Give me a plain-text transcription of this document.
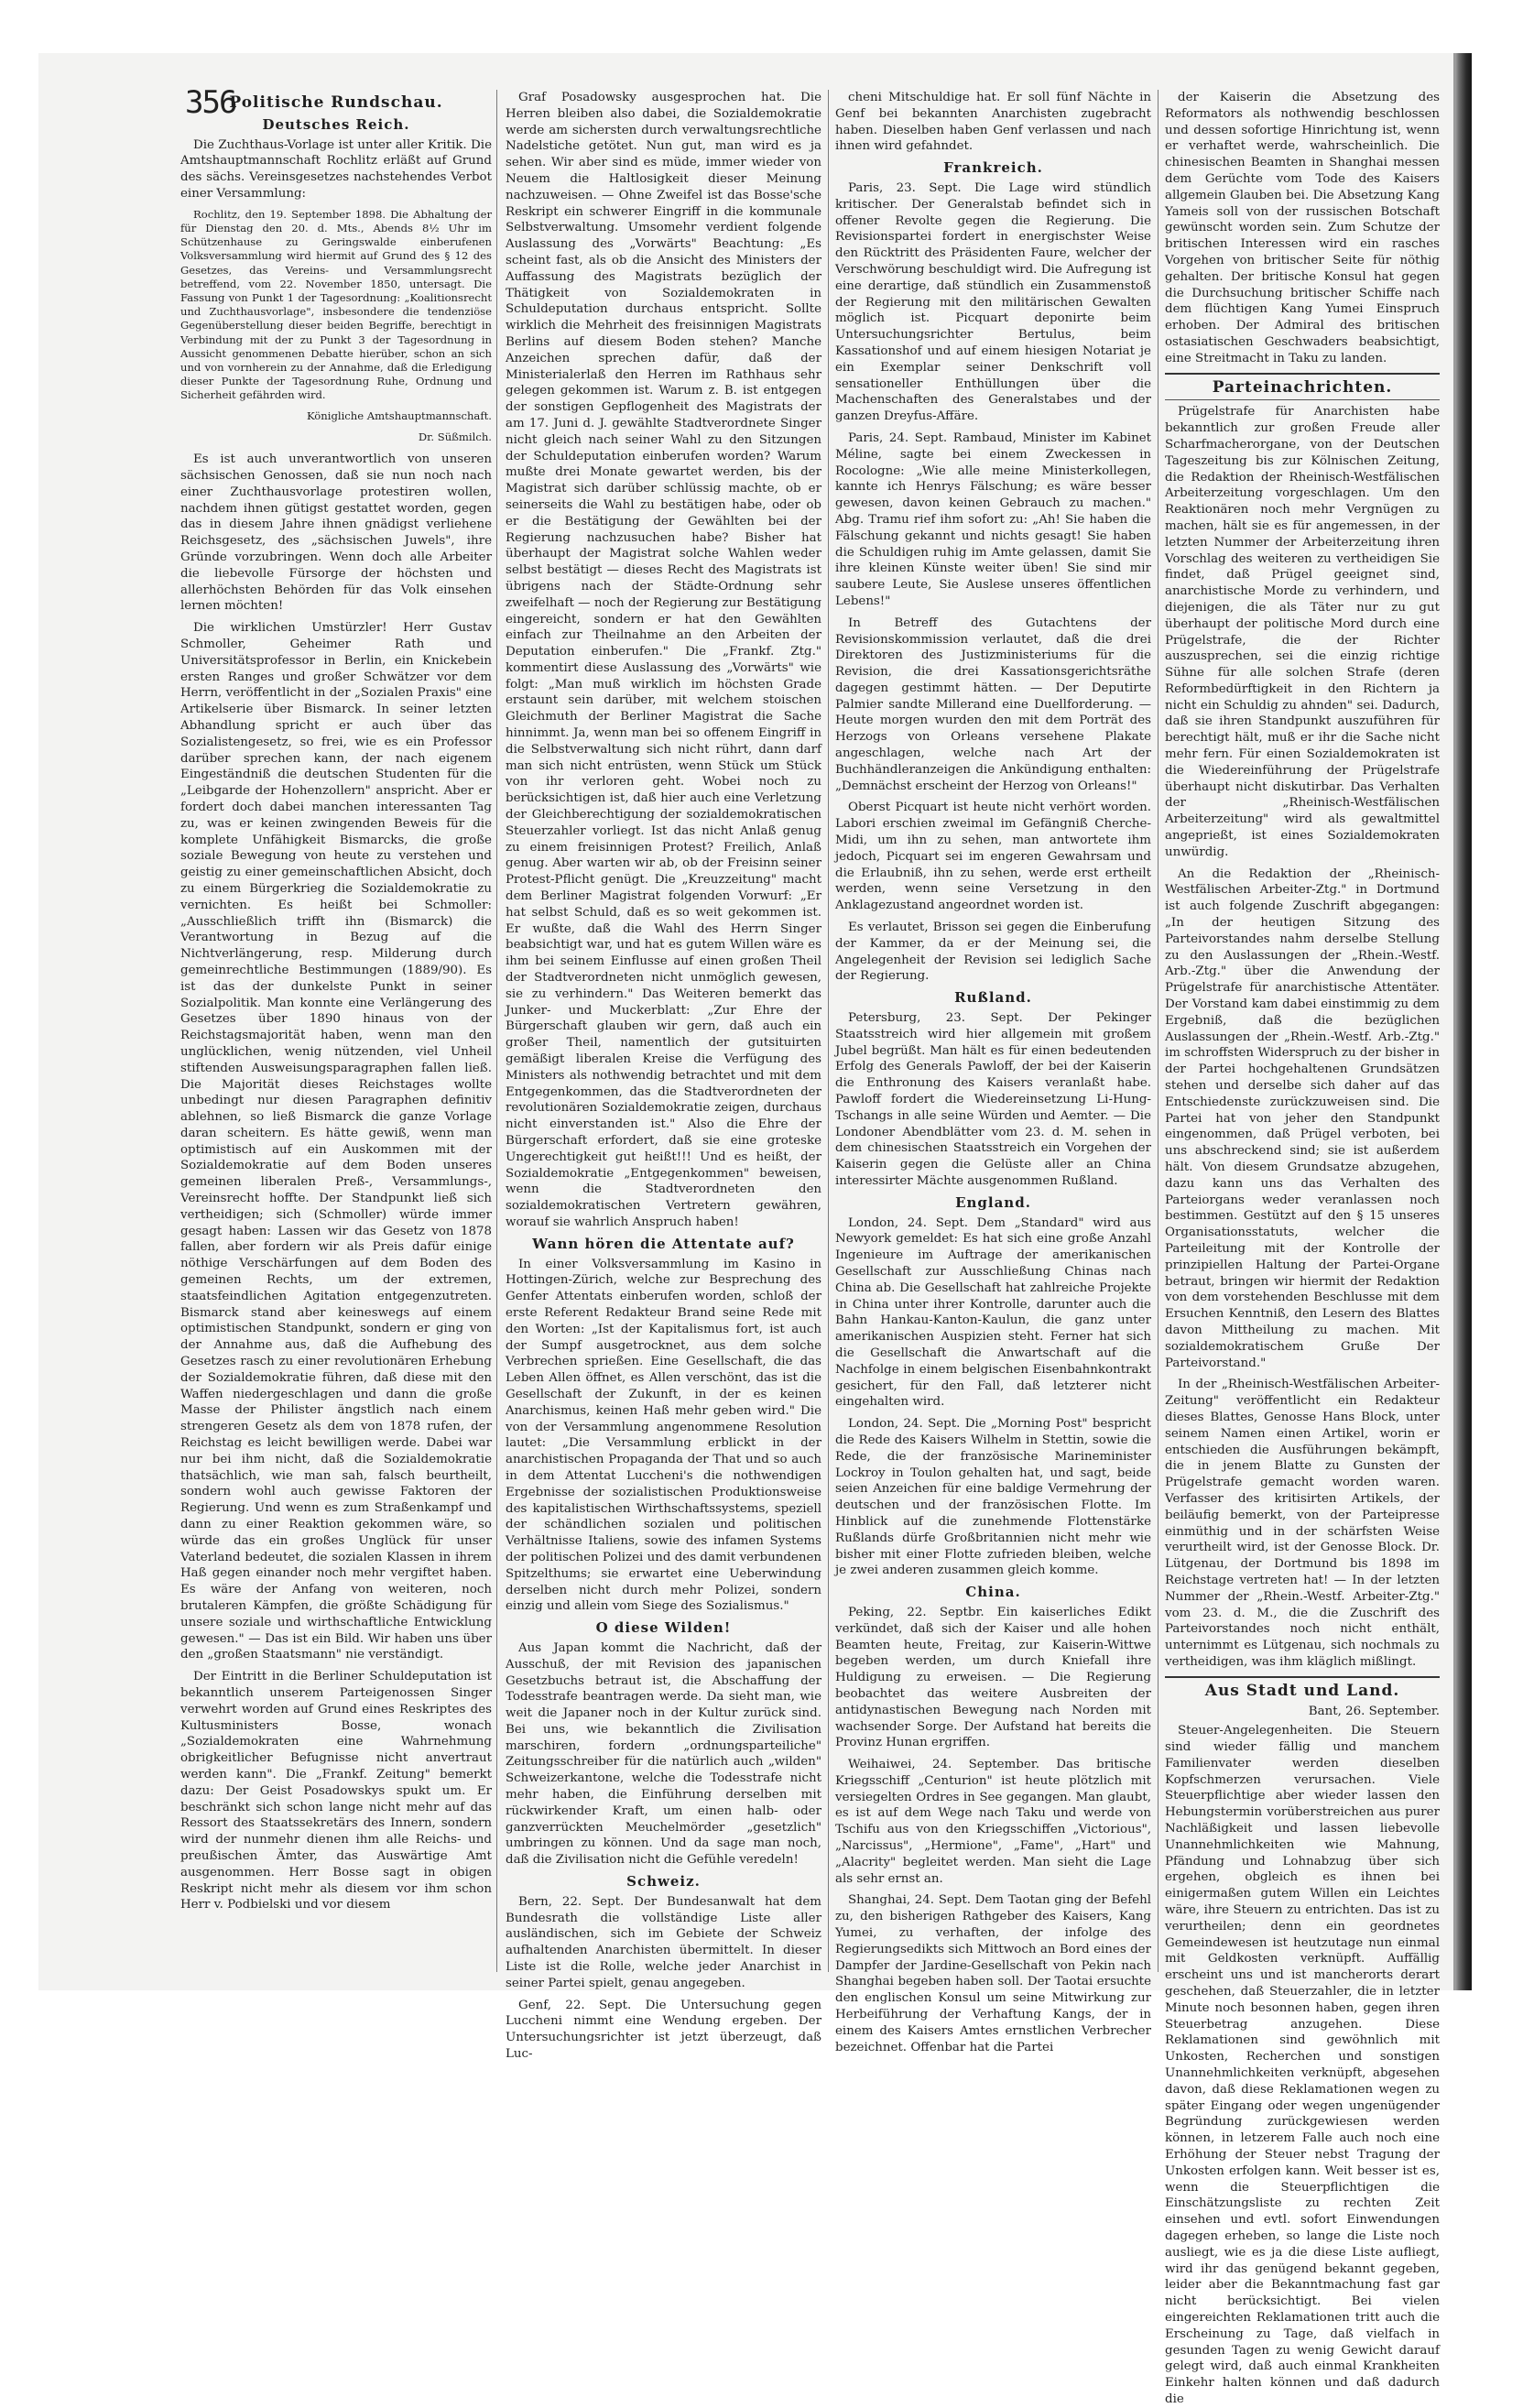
356
Politische Rundschau.
Deutsches Reich.

Die Zuchthaus-Vorlage ist unter aller Kritik. Die Amtshauptmannschaft Rochlitz erläßt auf Grund des sächs. Vereinsgesetzes nachstehendes Verbot einer Versammlung:

Rochlitz, den 19. September 1898. Die Abhaltung der für Dienstag den 20. d. Mts., Abends 8½ Uhr im Schützenhause zu Geringswalde einberufenen Volksversammlung wird hiermit auf Grund des § 12 des Gesetzes, das Vereins- und Versammlungsrecht betreffend, vom 22. November 1850, untersagt. Die Fassung von Punkt 1 der Tagesordnung: „Koalitionsrecht und Zuchthausvorlage", insbesondere die tendenziöse Gegenüberstellung dieser beiden Begriffe, berechtigt in Verbindung mit der zu Punkt 3 der Tagesordnung in Aussicht genommenen Debatte hierüber, schon an sich und von vornherein zu der Annahme, daß die Erledigung dieser Punkte der Tagesordnung Ruhe, Ordnung und Sicherheit gefährden wird.

Königliche Amtshauptmannschaft.
Dr. Süßmilch.

Es ist auch unverantwortlich von unseren sächsischen Genossen, daß sie nun noch nach einer Zuchthausvorlage protestiren wollen, nachdem ihnen gütigst gestattet worden, gegen das in diesem Jahre ihnen gnädigst verliehene Reichsgesetz, des „sächsischen Juwels", ihre Gründe vorzubringen. Wenn doch alle Arbeiter die liebevolle Fürsorge der höchsten und allerhöchsten Behörden für das Volk einsehen lernen möchten!

Die wirklichen Umstürzler! Herr Gustav Schmoller, Geheimer Rath und Universitätsprofessor in Berlin, ein Knickebein ersten Ranges und großer Schwätzer vor dem Herrn, veröffentlicht in der „Sozialen Praxis" eine Artikelserie über Bismarck. In seiner letzten Abhandlung spricht er auch über das Sozialistengesetz, so frei, wie es ein Professor darüber sprechen kann, der nach eigenem Eingeständniß die deutschen Studenten für die „Leibgarde der Hohenzollern" anspricht. Aber er fordert doch dabei manchen interessanten Tag zu, was er keinen zwingenden Beweis für die komplete Unfähigkeit Bismarcks, die große soziale Bewegung von heute zu verstehen und geistig zu einer gemeinschaftlichen Absicht, doch zu einem Bürgerkrieg die Sozialdemokratie zu vernichten. Es heißt bei Schmoller: „Ausschließlich trifft ihn (Bismarck) die Verantwortung in Bezug auf die Nichtverlängerung, resp. Milderung durch gemeinrechtliche Bestimmungen (1889/90). Es ist das der dunkelste Punkt in seiner Sozialpolitik. Man konnte eine Verlängerung des Gesetzes über 1890 hinaus von der Reichstagsmajorität haben, wenn man den unglücklichen, wenig nützenden, viel Unheil stiftenden Ausweisungsparagraphen fallen ließ. Die Majorität dieses Reichstages wollte unbedingt nur diesen Paragraphen definitiv ablehnen, so ließ Bismarck die ganze Vorlage daran scheitern. Es hätte gewiß, wenn man optimistisch auf ein Auskommen mit der Sozialdemokratie auf dem Boden unseres gemeinen liberalen Preß-, Versammlungs-, Vereinsrecht hoffte. Der Standpunkt ließ sich vertheidigen; sich (Schmoller) würde immer gesagt haben: Lassen wir das Gesetz von 1878 fallen, aber fordern wir als Preis dafür einige nöthige Verschärfungen auf dem Boden des gemeinen Rechts, um der extremen, staatsfeindlichen Agitation entgegenzutreten. Bismarck stand aber keineswegs auf einem optimistischen Standpunkt, sondern er ging von der Annahme aus, daß die Aufhebung des Gesetzes rasch zu einer revolutionären Erhebung der Sozialdemokratie führen, daß diese mit den Waffen niedergeschlagen und dann die große Masse der Philister ängstlich nach einem strengeren Gesetz als dem von 1878 rufen, der Reichstag es leicht bewilligen werde. Dabei war nur bei ihm nicht, daß die Sozialdemokratie thatsächlich, wie man sah, falsch beurtheilt, sondern wohl auch gewisse Faktoren der Regierung. Und wenn es zum Straßenkampf und dann zu einer Reaktion gekommen wäre, so würde das ein großes Unglück für unser Vaterland bedeutet, die sozialen Klassen in ihrem Haß gegen einander noch mehr vergiftet haben. Es wäre der Anfang von weiteren, noch brutaleren Kämpfen, die größte Schädigung für unsere soziale und wirthschaftliche Entwicklung gewesen." — Das ist ein Bild. Wir haben uns über den „großen Staatsmann" nie verständigt.

Der Eintritt in die Berliner Schuldeputation ist bekanntlich unserem Parteigenossen Singer verwehrt worden auf Grund eines Reskriptes des Kultusministers Bosse, wonach „Sozialdemokraten eine Wahrnehmung obrigkeitlicher Befugnisse nicht anvertraut werden kann". Die „Frankf. Zeitung" bemerkt dazu: Der Geist Posadowskys spukt um. Er beschränkt sich schon lange nicht mehr auf das Ressort des Staatssekretärs des Innern, sondern wird der nunmehr dienen ihm alle Reichs- und preußischen Ämter, das Auswärtige Amt ausgenommen. Herr Bosse sagt in obigen Reskript nicht mehr als diesem vor ihm schon Herr v. Podbielski und vor diesem

Graf Posadowsky ausgesprochen hat. Die Herren bleiben also dabei, die Sozialdemokratie werde am sichersten durch verwaltungsrechtliche Nadelstiche getötet. Nun gut, man wird es ja sehen. Wir aber sind es müde, immer wieder von Neuem die Haltlosigkeit dieser Meinung nachzuweisen. — Ohne Zweifel ist das Bosse'sche Reskript ein schwerer Eingriff in die kommunale Selbstverwaltung. Umsomehr verdient folgende Auslassung des „Vorwärts" Beachtung: „Es scheint fast, als ob die Ansicht des Ministers der Auffassung des Magistrats bezüglich der Thätigkeit von Sozialdemokraten in Schuldeputation durchaus entspricht. Sollte wirklich die Mehrheit des freisinnigen Magistrats Berlins auf diesem Boden stehen? Manche Anzeichen sprechen dafür, daß der Ministerialerlaß den Herren im Rathhaus sehr gelegen gekommen ist. Warum z. B. ist entgegen der sonstigen Gepflogenheit des Magistrats der am 17. Juni d. J. gewählte Stadtverordnete Singer nicht gleich nach seiner Wahl zu den Sitzungen der Schuldeputation einberufen worden? Warum mußte drei Monate gewartet werden, bis der Magistrat sich darüber schlüssig machte, ob er seinerseits die Wahl zu bestätigen habe, oder ob er die Bestätigung der Gewählten bei der Regierung nachzusuchen habe? Bisher hat überhaupt der Magistrat solche Wahlen weder selbst bestätigt — dieses Recht des Magistrats ist übrigens nach der Städte-Ordnung sehr zweifelhaft — noch der Regierung zur Bestätigung eingereicht, sondern er hat den Gewählten einfach zur Theilnahme an den Arbeiten der Deputation einberufen." Die „Frankf. Ztg." kommentirt diese Auslassung des „Vorwärts" wie folgt: „Man muß wirklich im höchsten Grade erstaunt sein darüber, mit welchem stoischen Gleichmuth der Berliner Magistrat die Sache hinnimmt. Ja, wenn man bei so offenem Eingriff in die Selbstverwaltung sich nicht rührt, dann darf man sich nicht entrüsten, wenn Stück um Stück von ihr verloren geht. Wobei noch zu berücksichtigen ist, daß hier auch eine Verletzung der Gleichberechtigung der sozialdemokratischen Steuerzahler vorliegt. Ist das nicht Anlaß genug zu einem freisinnigen Protest? Freilich, Anlaß genug. Aber warten wir ab, ob der Freisinn seiner Protest-Pflicht genügt. Die „Kreuzzeitung" macht dem Berliner Magistrat folgenden Vorwurf: „Er hat selbst Schuld, daß es so weit gekommen ist. Er wußte, daß die Wahl des Herrn Singer beabsichtigt war, und hat es gutem Willen wäre es ihm bei seinem Einflusse auf einen großen Theil der Stadtverordneten nicht unmöglich gewesen, sie zu verhindern." Das Weiteren bemerkt das Junker- und Muckerblatt: „Zur Ehre der Bürgerschaft glauben wir gern, daß auch ein großer Theil, namentlich der gutsituirten gemäßigt liberalen Kreise die Verfügung des Ministers als nothwendig betrachtet und mit dem Entgegenkommen, das die Stadtverordneten der revolutionären Sozialdemokratie zeigen, durchaus nicht einverstanden ist." Also die Ehre der Bürgerschaft erfordert, daß sie eine groteske Ungerechtigkeit gut heißt!!! Und es heißt, der Sozialdemokratie „Entgegenkommen" beweisen, wenn die Stadtverordneten den sozialdemokratischen Vertretern gewähren, worauf sie wahrlich Anspruch haben!

Wann hören die Attentate auf?

In einer Volksversammlung im Kasino in Hottingen-Zürich, welche zur Besprechung des Genfer Attentats einberufen worden, schloß der erste Referent Redakteur Brand seine Rede mit den Worten: „Ist der Kapitalismus fort, ist auch der Sumpf ausgetrocknet, aus dem solche Verbrechen sprießen. Eine Gesellschaft, die das Leben Allen öffnet, es Allen verschönt, das ist die Gesellschaft der Zukunft, in der es keinen Anarchismus, keinen Haß mehr geben wird." Die von der Versammlung angenommene Resolution lautet: „Die Versammlung erblickt in der anarchistischen Propaganda der That und so auch in dem Attentat Luccheni's die nothwendigen Ergebnisse der sozialistischen Produktionsweise des kapitalistischen Wirthschaftssystems, speziell der schändlichen sozialen und politischen Verhältnisse Italiens, sowie des infamen Systems der politischen Polizei und des damit verbundenen Spitzelthums; sie erwartet eine Ueberwindung derselben nicht durch mehr Polizei, sondern einzig und allein vom Siege des Sozialismus."

O diese Wilden!

Aus Japan kommt die Nachricht, daß der Ausschuß, der mit Revision des japanischen Gesetzbuchs betraut ist, die Abschaffung der Todesstrafe beantragen werde. Da sieht man, wie weit die Japaner noch in der Kultur zurück sind. Bei uns, wie bekanntlich die Zivilisation marschiren, fordern „ordnungsparteiliche" Zeitungsschreiber für die natürlich auch „wilden" Schweizerkantone, welche die Todesstrafe nicht mehr haben, die Einführung derselben mit rückwirkender Kraft, um einen halb- oder ganzverrückten Meuchelmörder „gesetzlich" umbringen zu können. Und da sage man noch, daß die Zivilisation nicht die Gefühle veredeln!

Schweiz.

Bern, 22. Sept. Der Bundesanwalt hat dem Bundesrath die vollständige Liste aller ausländischen, sich im Gebiete der Schweiz aufhaltenden Anarchisten übermittelt. In dieser Liste ist die Rolle, welche jeder Anarchist in seiner Partei spielt, genau angegeben.

Genf, 22. Sept. Die Untersuchung gegen Luccheni nimmt eine Wendung ergeben. Der Untersuchungsrichter ist jetzt überzeugt, daß Luc-

cheni Mitschuldige hat. Er soll fünf Nächte in Genf bei bekannten Anarchisten zugebracht haben. Dieselben haben Genf verlassen und nach ihnen wird gefahndet.

Frankreich.

Paris, 23. Sept. Die Lage wird stündlich kritischer. Der Generalstab befindet sich in offener Revolte gegen die Regierung. Die Revisionspartei fordert in energischster Weise den Rücktritt des Präsidenten Faure, welcher der Verschwörung beschuldigt wird. Die Aufregung ist eine derartige, daß stündlich ein Zusammenstoß der Regierung mit den militärischen Gewalten möglich ist. Picquart deponirte beim Untersuchungsrichter Bertulus, beim Kassationshof und auf einem hiesigen Notariat je ein Exemplar seiner Denkschrift voll sensationeller Enthüllungen über die Machenschaften des Generalstabes und der ganzen Dreyfus-Affäre.

Paris, 24. Sept. Rambaud, Minister im Kabinet Méline, sagte bei einem Zweckessen in Rocologne: „Wie alle meine Ministerkollegen, kannte ich Henrys Fälschung; es wäre besser gewesen, davon keinen Gebrauch zu machen." Abg. Tramu rief ihm sofort zu: „Ah! Sie haben die Fälschung gekannt und nichts gesagt! Sie haben die Schuldigen ruhig im Amte gelassen, damit Sie ihre kleinen Künste weiter üben! Sie sind mir saubere Leute, Sie Auslese unseres öffentlichen Lebens!"

In Betreff des Gutachtens der Revisionskommission verlautet, daß die drei Direktoren des Justizministeriums für die Revision, die drei Kassationsgerichtsräthe dagegen gestimmt hätten. — Der Deputirte Palmier sandte Millerand eine Duellforderung. — Heute morgen wurden den mit dem Porträt des Herzogs von Orleans versehene Plakate angeschlagen, welche nach Art der Buchhändleranzeigen die Ankündigung enthalten: „Demnächst erscheint der Herzog von Orleans!"

Oberst Picquart ist heute nicht verhört worden. Labori erschien zweimal im Gefängniß Cherche-Midi, um ihn zu sehen, man antwortete ihm jedoch, Picquart sei im engeren Gewahrsam und die Erlaubniß, ihn zu sehen, werde erst ertheilt werden, wenn seine Versetzung in den Anklagezustand angeordnet worden ist.

Es verlautet, Brisson sei gegen die Einberufung der Kammer, da er der Meinung sei, die Angelegenheit der Revision sei lediglich Sache der Regierung.

Rußland.

Petersburg, 23. Sept. Der Pekinger Staatsstreich wird hier allgemein mit großem Jubel begrüßt. Man hält es für einen bedeutenden Erfolg des Generals Pawloff, der bei der Kaiserin die Enthronung des Kaisers veranlaßt habe. Pawloff fordert die Wiedereinsetzung Li-Hung-Tschangs in alle seine Würden und Aemter. — Die Londoner Abendblätter vom 23. d. M. sehen in dem chinesischen Staatsstreich ein Vorgehen der Kaiserin gegen die Gelüste aller an China interessirter Mächte ausgenommen Rußland.

England.

London, 24. Sept. Dem „Standard" wird aus Newyork gemeldet: Es hat sich eine große Anzahl Ingenieure im Auftrage der amerikanischen Gesellschaft zur Ausschließung Chinas nach China ab. Die Gesellschaft hat zahlreiche Projekte in China unter ihrer Kontrolle, darunter auch die Bahn Hankau-Kanton-Kaulun, die ganz unter amerikanischen Auspizien steht. Ferner hat sich die Gesellschaft die Anwartschaft auf die Nachfolge in einem belgischen Eisenbahnkontrakt gesichert, für den Fall, daß letzterer nicht eingehalten wird.

London, 24. Sept. Die „Morning Post" bespricht die Rede des Kaisers Wilhelm in Stettin, sowie die Rede, die der französische Marineminister Lockroy in Toulon gehalten hat, und sagt, beide seien Anzeichen für eine baldige Vermehrung der deutschen und der französischen Flotte. Im Hinblick auf die zunehmende Flottenstärke Rußlands dürfe Großbritannien nicht mehr wie bisher mit einer Flotte zufrieden bleiben, welche je zwei anderen zusammen gleich komme.

China.

Peking, 22. Septbr. Ein kaiserliches Edikt verkündet, daß sich der Kaiser und alle hohen Beamten heute, Freitag, zur Kaiserin-Wittwe begeben werden, um durch Kniefall ihre Huldigung zu erweisen. — Die Regierung beobachtet das weitere Ausbreiten der antidynastischen Bewegung nach Norden mit wachsender Sorge. Der Aufstand hat bereits die Provinz Hunan ergriffen.

Weihaiwei, 24. September. Das britische Kriegsschiff „Centurion" ist heute plötzlich mit versiegelten Ordres in See gegangen. Man glaubt, es ist auf dem Wege nach Taku und werde von Tschifu aus von den Kriegsschiffen „Victorious", „Narcissus", „Hermione", „Fame", „Hart" und „Alacrity" begleitet werden. Man sieht die Lage als sehr ernst an.

Shanghai, 24. Sept. Dem Taotan ging der Befehl zu, den bisherigen Rathgeber des Kaisers, Kang Yumei, zu verhaften, der infolge des Regierungsedikts sich Mittwoch an Bord eines der Dampfer der Jardine-Gesellschaft von Pekin nach Shanghai begeben haben soll. Der Taotai ersuchte den englischen Konsul um seine Mitwirkung zur Herbeiführung der Verhaftung Kangs, der in einem des Kaisers Amtes ernstlichen Verbrecher bezeichnet. Offenbar hat die Partei

der Kaiserin die Absetzung des Reformators als nothwendig beschlossen und dessen sofortige Hinrichtung ist, wenn er verhaftet werde, wahrscheinlich. Die chinesischen Beamten in Shanghai messen dem Gerüchte vom Tode des Kaisers allgemein Glauben bei. Die Absetzung Kang Yameis soll von der russischen Botschaft gewünscht worden sein. Zum Schutze der britischen Interessen wird ein rasches Vorgehen von britischer Seite für nöthig gehalten. Der britische Konsul hat gegen die Durchsuchung britischer Schiffe nach dem flüchtigen Kang Yumei Einspruch erhoben. Der Admiral des britischen ostasiatischen Geschwaders beabsichtigt, eine Streitmacht in Taku zu landen.

Parteinachrichten.

Prügelstrafe für Anarchisten habe bekanntlich zur großen Freude aller Scharfmacherorgane, von der Deutschen Tageszeitung bis zur Kölnischen Zeitung, die Redaktion der Rheinisch-Westfälischen Arbeiterzeitung vorgeschlagen. Um den Reaktionären noch mehr Vergnügen zu machen, hält sie es für angemessen, in der letzten Nummer der Arbeiterzeitung ihren Vorschlag des weiteren zu vertheidigen Sie findet, daß Prügel geeignet sind, anarchistische Morde zu verhindern, und diejenigen, die als Täter nur zu gut überhaupt der politische Mord durch eine Prügelstrafe, die der Richter auszusprechen, sei die einzig richtige Sühne für alle solchen Strafe (deren Reformbedürftigkeit in den Richtern ja nicht ein Schuldig zu ahnden" sei. Dadurch, daß sie ihren Standpunkt auszuführen für berechtigt hält, muß er ihr die Sache nicht mehr fern. Für einen Sozialdemokraten ist die Wiedereinführung der Prügelstrafe überhaupt nicht diskutirbar. Das Verhalten der „Rheinisch-Westfälischen Arbeiterzeitung" wird als gewaltmittel angeprießt, ist eines Sozialdemokraten unwürdig.

An die Redaktion der „Rheinisch-Westfälischen Arbeiter-Ztg." in Dortmund ist auch folgende Zuschrift abgegangen: „In der heutigen Sitzung des Parteivorstandes nahm derselbe Stellung zu den Auslassungen der „Rhein.-Westf. Arb.-Ztg." über die Anwendung der Prügelstrafe für anarchistische Attentäter. Der Vorstand kam dabei einstimmig zu dem Ergebniß, daß die bezüglichen Auslassungen der „Rhein.-Westf. Arb.-Ztg." im schroffsten Widerspruch zu der bisher in der Partei hochgehaltenen Grundsätzen stehen und derselbe sich daher auf das Entschiedenste zurückzuweisen sind. Die Partei hat von jeher den Standpunkt eingenommen, daß Prügel verboten, bei uns abschreckend sind; sie ist außerdem hält. Von diesem Grundsatze abzugehen, dazu kann uns das Verhalten des Parteiorgans weder veranlassen noch bestimmen. Gestützt auf den § 15 unseres Organisationsstatuts, welcher die Parteileitung mit der Kontrolle der prinzipiellen Haltung der Partei-Organe betraut, bringen wir hiermit der Redaktion von dem vorstehenden Beschlusse mit dem Ersuchen Kenntniß, den Lesern des Blattes davon Mittheilung zu machen. Mit sozialdemokratischem Gruße Der Parteivorstand."

In der „Rheinisch-Westfälischen Arbeiter-Zeitung" veröffentlicht ein Redakteur dieses Blattes, Genosse Hans Block, unter seinem Namen einen Artikel, worin er entschieden die Ausführungen bekämpft, die in jenem Blatte zu Gunsten der Prügelstrafe gemacht worden waren. Verfasser des kritisirten Artikels, der beiläufig bemerkt, von der Parteipresse einmüthig und in der schärfsten Weise verurtheilt wird, ist der Genosse Block. Dr. Lütgenau, der Dortmund bis 1898 im Reichstage vertreten hat! — In der letzten Nummer der „Rhein.-Westf. Arbeiter-Ztg." vom 23. d. M., die die Zuschrift des Parteivorstandes noch nicht enthält, unternimmt es Lütgenau, sich nochmals zu vertheidigen, was ihm kläglich mißlingt.

Aus Stadt und Land.
Bant, 26. September.

Steuer-Angelegenheiten. Die Steuern sind wieder fällig und manchem Familienvater werden dieselben Kopfschmerzen verursachen. Viele Steuerpflichtige aber wieder lassen den Hebungstermin vorüberstreichen aus purer Nachläßigkeit und lassen liebevolle Unannehmlichkeiten wie Mahnung, Pfändung und Lohnabzug über sich ergehen, obgleich es ihnen bei einigermaßen gutem Willen ein Leichtes wäre, ihre Steuern zu entrichten. Das ist zu verurtheilen; denn ein geordnetes Gemeindewesen ist heutzutage nun einmal mit Geldkosten verknüpft. Auffällig erscheint uns und ist mancherorts derart geschehen, daß Steuerzahler, die in letzter Minute noch besonnen haben, gegen ihren Steuerbetrag anzugehen. Diese Reklamationen sind gewöhnlich mit Unkosten, Recherchen und sonstigen Unannehmlichkeiten verknüpft, abgesehen davon, daß diese Reklamationen wegen zu später Eingang oder wegen ungenügender Begründung zurückgewiesen werden können, in letzerem Falle auch noch eine Erhöhung der Steuer nebst Tragung der Unkosten erfolgen kann. Weit besser ist es, wenn die Steuerpflichtigen die Einschätzungsliste zu rechten Zeit einsehen und evtl. sofort Einwendungen dagegen erheben, so lange die Liste noch ausliegt, wie es ja die diese Liste aufliegt, wird ihr das genügend bekannt gegeben, leider aber die Bekanntmachung fast gar nicht berücksichtigt. Bei vielen eingereichten Reklamationen tritt auch die Erscheinung zu Tage, daß vielfach in gesunden Tagen zu wenig Gewicht darauf gelegt wird, daß auch einmal Krankheiten Einkehr halten können und daß dadurch die
